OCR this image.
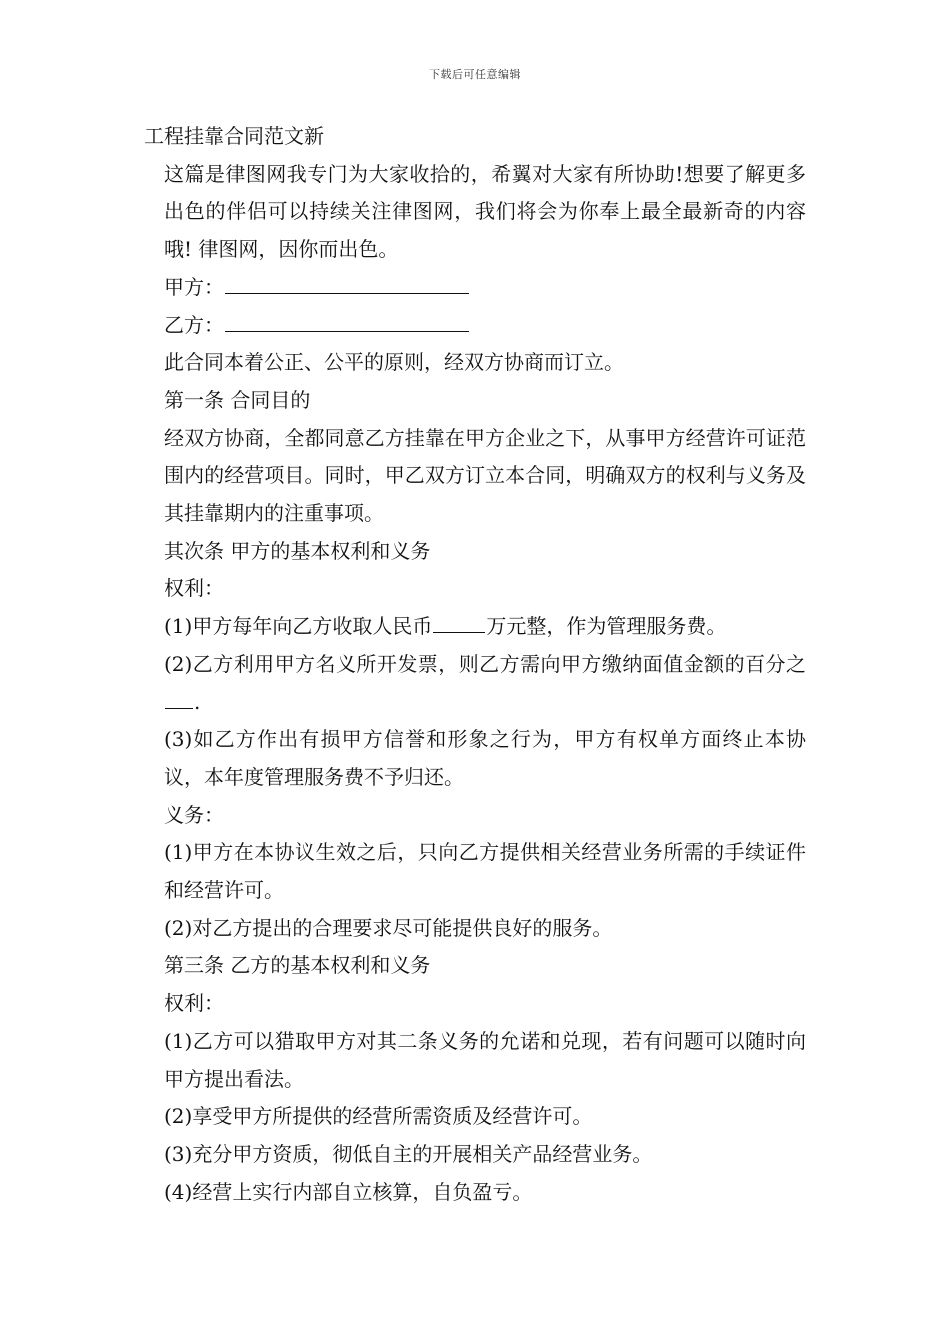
下载后可任意编辑

工程挂靠合同范文新

这篇是律图网我专门为大家收拾的，希翼对大家有所协助!想要了解更多出色的伴侣可以持续关注律图网，我们将会为你奉上最全最新奇的内容哦! 律图网，因你而出色。

甲方：

乙方：

此合同本着公正、公平的原则，经双方协商而订立。

第一条 合同目的

经双方协商，全都同意乙方挂靠在甲方企业之下，从事甲方经营许可证范围内的经营项目。同时，甲乙双方订立本合同，明确双方的权利与义务及其挂靠期内的注重事项。

其次条 甲方的基本权利和义务

权利：

(1)甲方每年向乙方收取人民币	万元整，作为管理服务费。

(2)乙方利用甲方名义所开发票，则乙方需向甲方缴纳面值金额的百分之.

(3)如乙方作出有损甲方信誉和形象之行为，甲方有权单方面终止本协议，本年度管理服务费不予归还。

义务：

(1)甲方在本协议生效之后，只向乙方提供相关经营业务所需的手续证件和经营许可。

(2)对乙方提出的合理要求尽可能提供良好的服务。

第三条 乙方的基本权利和义务

权利：

(1)乙方可以猎取甲方对其二条义务的允诺和兑现，若有问题可以随时向甲方提出看法。

(2)享受甲方所提供的经营所需资质及经营许可。

(3)充分甲方资质，彻低自主的开展相关产品经营业务。

(4)经营上实行内部自立核算，自负盈亏。
